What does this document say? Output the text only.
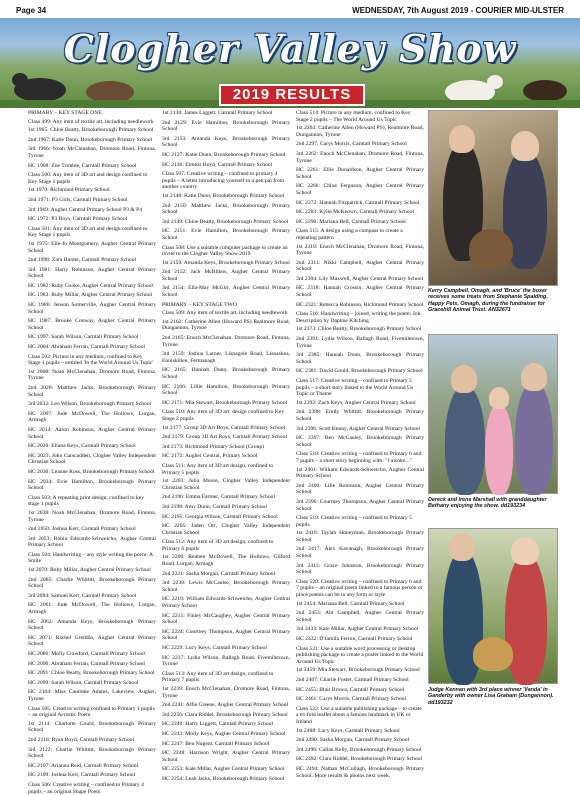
Page 34	WEDNESDAY, 7th August 2019 - COURIER MID-ULSTER
Clogher Valley Show
2019 RESULTS

PRIMARY – KEY STAGE ONE

Class 499: Any item of textile art, including needlework

1st 1965: Chloe Beatty, Brookeborough Primary School

2nd 1967: Katie Dunn, Brookeborough Primary School

3rd 1966: Noah McClenahan, Dromore Road, Fintona, Tyrone

HC 1968: Zoe Trimble, Carntall Primary School

Class 500: Any item of 3D art and design confined to Key Stage 1 pupils

1st 1970: Richmond Primary School

2nd 1971: P3 Girls, Carntall Primary School

3rd 1969: Augher Central Primary School P3 & P4

HC 1972: P3 Boys, Carntall Primary School

Class 501: Any item of 3D art and design confined to Key Stage 1 pupils

1st 1975: Elle-Jo Montgomery, Augher Central Primary School

2nd 1998: Zara Hunter, Carntall Primary School

3rd 1981: Harry Robinson, Augher Central Primary School

HC 1982: Ruby Cooke, Augher Central Primary School

HC 1983: Ruby Millar, Augher Central Primary School

HC 1986: Jenson Somerville, Augher Central Primary School

HC 1987: Brooke Conway, Augher Central Primary School

HC 1997: Sarah Wilson, Carntall Primary School

HC 2004: Abraham Ferran, Carntall Primary School

Class 502: Picture in any medium, confined to Key Stage 1 pupils – entitled 'In the World Around Us Topic'

1st 2008: Noah McClenahan, Dromore Road, Fintona, Tyrone

2nd 2028: Matthew Jacks, Brookeborough Primary School

3rd 2032: Leo Wilson, Brookeborough Primary School

HC 2007: Jude McDowell, The Hollows, Lurgan, Armagh

HC 2014: Aaron Robinson, Augher Central Primary School

HC 2020: Eliana Keys, Carntall Primary School

HC 2023: John Carscadden, Clogher Valley Independent Christian School

HC 2030: Leanne Ross, Brookeborough Primary School

HC 2034: Evie Hamilton, Brookeborough Primary School

Class 503: A repeating print design, confined to key stage 1 pupils

1st 2038: Noah McClenahan, Dromore Road, Fintona, Tyrone

2nd 2050: Joshua Kerr, Carntall Primary School

3rd 2053: Robin Edwards-Schweicho, Augher Central Primary School

Class 504: Handwriting – any style writing the poem: A Smile

1st 2070: Ruby Millar, Augher Central Primary School

2nd 2085: Charlie Whittitt, Brookeborough Primary School

3rd 2094: Samuel Kerr, Carntall Primary School

HC 2061: Jude McDowell, The Hollows, Lurgan, Armagh

HC 2062: Amanda Keys, Brookeborough Primary School

HC 2071: Rachel Greddin, Augher Central Primary School

HC 2086: Molly Crawford, Carntall Primary School

HC 2090: Abraham Ferran, Carntall Primary School

HC 2091: Chloe Beatty, Brookeborough Primary School

HC 2099: Sarah Wilson, Carntall Primary School

HC 2104: Miss Caoimhe Adams, Lakeview, Augher, Tyrone

Class 505: Creative writing confined to Primary 1 pupils – an original Acrostic Poem

1st 2114: Charlotte Gould, Brookeborough Primary School

2nd 2118: Ryan Boyd, Carntall Primary School

3rd 2122: Charlie Whittitt, Brookeborough Primary School

HC 2107: Arianna Reid, Carntall Primary School

HC 2109: Joshua Kerr, Carntall Primary School

Class 506: Creative writing – confined to Primary 4 pupils – an original Shape Poem

1st 2130: James Liggett, Carntall Primary School

2nd 2129: Evie Hamilton, Brookeborough Primary School

3rd 2133: Amanda Keys, Brookeborough Primary School

HC 2127: Katie Dunn, Brookeborough Primary School

HC 2136: Eimear Boyd, Carntall Primary School

Class 507: Creative writing – confined to primary 4 pupils – A letter introducing yourself to a pen pal from another country

1st 2148: Katie Dunn, Brookeborough Primary School

2nd 2150: Matthew Jacks, Brookeborough Primary School

3rd 2149: Chloe Beatty, Brookeborough Primary School

HC 2151: Evie Hamilton, Brookeborough Primary School

Class 508: Use a suitable computer package to create an invite to the Clogher Valley Show 2019

1st 2159: Amanda Keys, Brookeborough Primary School

2nd 2152: Jack McBlibos, Augher Central Primary School

3rd 2154: Ella-May McGirr, Augher Central Primary School

PRIMARY – KEY STAGE TWO

Class 509: Any item of textile art, including needlework

1st 2162: Catherine Allen (Howard PS) Realmore Road, Dungannon, Tyrone

2nd 2165: Enoch McClenahan, Dromore Road, Fintona, Tyrone

3rd 2159: Joshua Larner, Lisnagole Road, Lisnaskea, Enniskillen, Fermanagh

HC 2165: Hannah Dunn, Brookeborough Primary School

HC 2166: Lillie Hamilton, Brookeborough Primary School

HC 2171: Mia Stewart, Brookeborough Primary School

Class 510: Any item of 3D art: design confined to Key Stage 2 pupils

1st 2177: Group 3D Art Boys, Carntall Primary School

2nd 2179: Group 3D Art Boys, Carntall Primary School

3rd 2173: Richmond Primary School (Group)

HC 2172: Augher Central, Primary School

Class 511: Any item of 3D art design, confined to Primary 5 pupils

1st 2203: Julia Moore, Clogher Valley Independent Christian School

2nd 2196: Emma Farmer, Carntall Primary School

3rd 2198: Amy Dunn, Carntall Primary School

HC 2195: Georgia Wilson, Carntall Primary School

HC 2205: Jaden Orr, Clogher Valley Independent Christian School

Class 512: Any item of 3D art design, confined to Primary 6 pupils

1st 2206: Reuben McDowell, The Hollows, Gilford Road, Lurgan, Armagh

2nd 2221: Sasha Morgan, Carntall Primary School

3rd 2238: Lewis McCaulse, Brookeborough Primary School

HC 2210: William Edwards-Schweicho, Augher Central Primary School

HC 2215: Finley McCaughey, Augher Central Primary School

HC 2224: Courtney Thompson, Augher Central Primary School

HC 2229: Lucy Keys, Carntall Primary School

HC 2237: Lydia Wilson, Ballagh Road, Fivemiletown, Tyrone

Class 513: Any item of 3D art design, confined to Primary 7 pupils

1st 2239: Enoch McClenahan, Dromore Road, Fintona, Tyrone

2nd 2241: Alfie Greene, Augher Central Primary School

3rd 2256: Clara Riddel, Brookeborough Primary School

HC 2240: Harry Liggett, Carntall Primary School

HC 2243: Molly Keys, Augher Central Primary School

HC 2247: Ben Nugent, Carntall Primary School

HC 2248: Harrison Wright, Augher Central Primary School

HC 2253: Kate Millar, Augher Central Primary School

HC 2254: Leah Jacks, Brookeborough Primary School

Class 514: Picture in any medium, confined to Key Stage 2 pupils – The World Around Us Topic

1st 2263: Catherine Allen (Howard PS), Realmore Road, Dungannon, Tyrone

2nd 2297: Carys Morris, Carntall Primary School

3rd 2262: Enoch McClenahan, Dromore Road, Fintona, Tyrone

HC 2261: Ellie Donaldson, Augher Central Primary School

HC 2266: Chloe Ferguson, Augher Central Primary School

HC 2272: Hannah Fitzpatrick, Carntall Primary School

HC 2283: Kylie McKeown, Carntall Primary School

HC 2290: Mariana Bell, Carntall Primary School

Class 515: A design using a compass to create a repeating pattern

1st 2319: Enoch McClenahan, Dromore Road, Fintona, Tyrone

2nd 2311: Nikki Campbell, Augher Central Primary School

3rd 2304: Lily Maxwell, Augher Central Primary School

HC 2318: Hannah Crossin, Augher Central Primary School

HC 2321: Rebecca Robinson, Richmond Primary School

Class 516: Handwriting – joined, writing the poem: Job Description by Daphne Kitching

1st 2373: Chloe Beatty, Brookeborough Primary School

2nd 2391: Lydia Wilson, Ballagh Road, Fivemiletown, Tyrone

3rd 2385: Hannah Dunn, Brookeborough Primary School

HC 2381: David Gould, Brookeborough Primary School

Class 517: Creative writing – confined to Primary 5 pupils – a short story linked to the World Around Us Topic or Theme

1st 2392: Zach Keys, Augher Central Primary School

2nd 2398: Emily Whittitt, Brookeborough Primary School

3rd 2396: Scott Kenny, Augher Central Primary School

HC 2397: Ben McCauley, Brookeborough Primary School

Class 518: Creative writing – confined to Primary 6 and 7 pupils – a short story beginning with: "I awoke..."

1st 2401: William Edwards-Schweicho, Augher Central Primary School

2nd 2400: Lilie Robinson, Augher Central Primary School

3rd 2396: Courtney Thompson, Augher Central Primary School

Class 519: Creative writing – confined to Primary 5 pupils

1st 2416: Taylah Honeyman, Brookeborough Primary School

2nd 2417: Alex Kavanagh, Brookeborough Primary School

3rd 2413: Grace Johnston, Brookeborough Primary School

Class 520: Creative writing – confined to Primary 6 and 7 pupils – an original poem linked to a famous person or place poems can be in any form or style

1st 2454: Mariana Bell, Carntall Primary School

2nd 2453: Abi Campbell, Augher Central Primary School

3rd 2433: Kate Millar, Augher Central Primary School

HC 2432: D'Jamila Ferron, Carntall Primary School

Class 521: Use a suitable word processing or desktop publishing package to create a poster linked to the World Around Us Topic

1st 2459: Mia Stewart, Brookeborough Primary School

2nd 2467: Charlie Foster, Carntall Primary School

HC 2455: Blair Brown, Carntall Primary School

HC 2461: Carys Morris, Carntall Primary School

Class 522: Use a suitable publishing package – to create a tri-fold leaflet about a famous landmark in UK or Ireland

1st 2488: Lucy Keys, Carntall Primary School

2nd 2490: Sasha Morgan, Carntall Primary School

3rd 2496: Callan Kelly, Brookeborough Primary School

HC 2492: Clara Riddel, Brookeborough Primary School

HC 2494: Nathan McCullagh, Brookeborough Primary School. More results & photos next week.

Kerry Campbell, Omagh, and 'Bruce' the boxer receives some treats from Stephanie Spalding, Happy Pets, Omagh, during the fundraiser for Gracehill Animal Trust. AN32671
Dereck and Irene Marshall with granddaughter Bethany enjoying the show. dd193234
Judge Kennan with 3rd place winner 'Vanda' in Ganderby with owner Lisa Graham (Dungannon). dd193232
